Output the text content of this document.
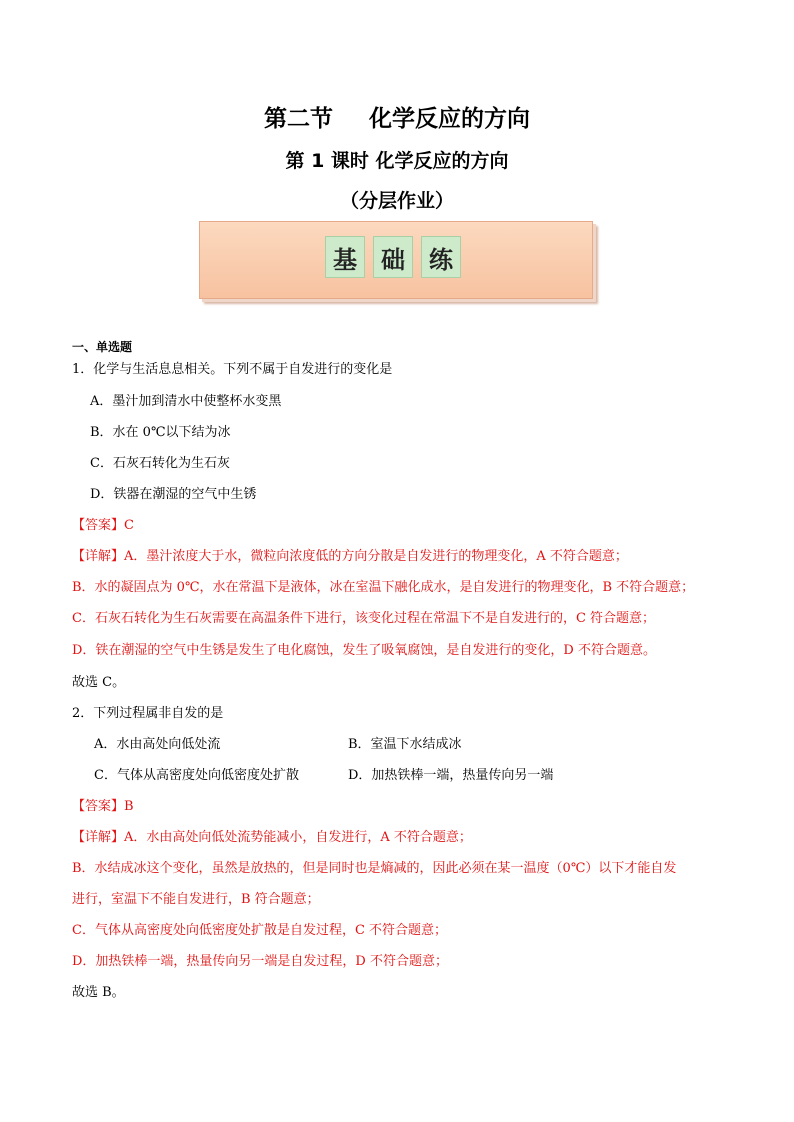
第二节 化学反应的方向
第 1 课时 化学反应的方向
（分层作业）
基	础	练
一、单选题
1．化学与生活息息相关。下列不属于自发进行的变化是
A．墨汁加到清水中使整杯水变黑
B．水在 0℃以下结为冰
C．石灰石转化为生石灰
D．铁器在潮湿的空气中生锈
【答案】C
【详解】A．墨汁浓度大于水，微粒向浓度低的方向分散是自发进行的物理变化，A 不符合题意；
B．水的凝固点为 0℃，水在常温下是液体，冰在室温下融化成水，是自发进行的物理变化，B 不符合题意；
C．石灰石转化为生石灰需要在高温条件下进行，该变化过程在常温下不是自发进行的，C 符合题意；
D．铁在潮湿的空气中生锈是发生了电化腐蚀，发生了吸氧腐蚀，是自发进行的变化，D 不符合题意。
故选 C。
2．下列过程属非自发的是
A．水由高处向低处流	B．室温下水结成冰
C．气体从高密度处向低密度处扩散	D．加热铁棒一端，热量传向另一端
【答案】B
【详解】A．水由高处向低处流势能减小，自发进行，A 不符合题意；
B．水结成冰这个变化，虽然是放热的，但是同时也是熵减的，因此必须在某一温度（0℃）以下才能自发
进行，室温下不能自发进行，B 符合题意；
C．气体从高密度处向低密度处扩散是自发过程，C 不符合题意；
D．加热铁棒一端，热量传向另一端是自发过程，D 不符合题意；
故选 B。
